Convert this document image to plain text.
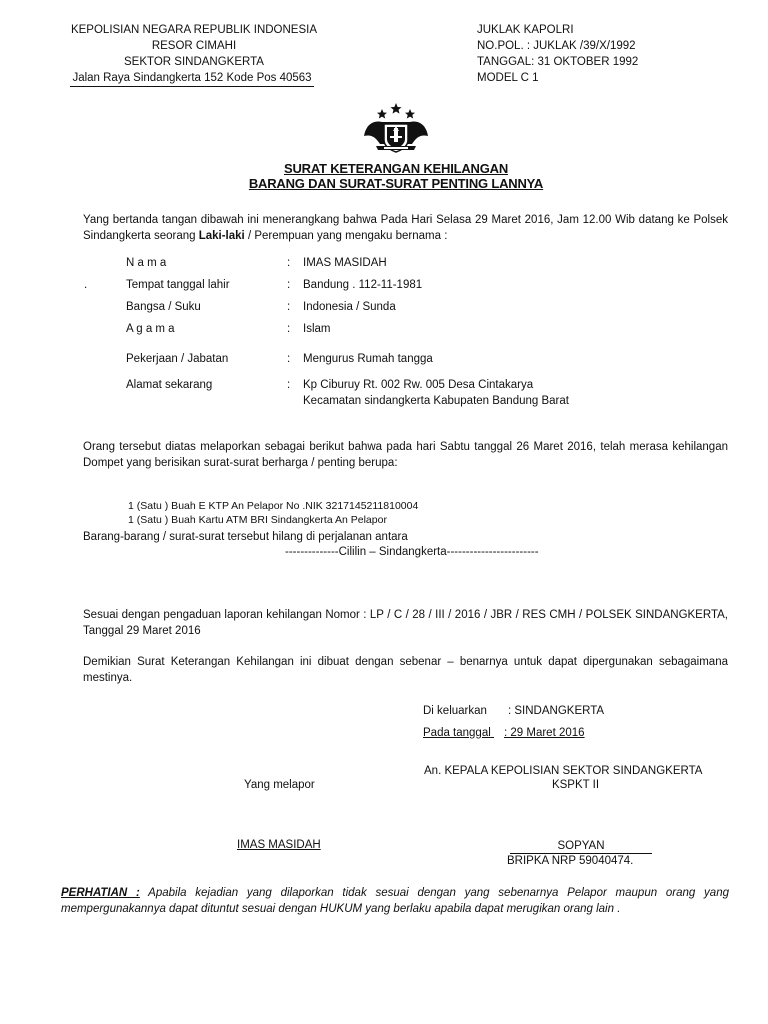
KEPOLISIAN NEGARA REPUBLIK INDONESIA
RESOR CIMAHI
SEKTOR SINDANGKERTA
Jalan Raya Sindangkerta 152 Kode Pos 40563
JUKLAK KAPOLRI
NO.POL. : JUKLAK /39/X/1992
TANGGAL: 31 OKTOBER 1992
MODEL C 1
SURAT KETERANGAN KEHILANGAN
BARANG DAN SURAT-SURAT PENTING LANNYA
Yang bertanda tangan dibawah ini menerangkang bahwa Pada Hari Selasa 29 Maret 2016, Jam 12.00 Wib datang ke Polsek Sindangkerta seorang Laki-laki / Perempuan yang mengaku bernama :
.
N a m a	: IMAS MASIDAH
Tempat tanggal lahir	: Bandung . 112-11-1981
Bangsa / Suku	: Indonesia / Sunda
A g a m a	: Islam
Pekerjaan / Jabatan	: Mengurus Rumah tangga
Alamat sekarang	: Kp Ciburuy Rt. 002 Rw. 005 Desa Cintakarya
Kecamatan sindangkerta Kabupaten Bandung Barat
Orang tersebut diatas melaporkan sebagai berikut bahwa pada hari Sabtu tanggal 26 Maret 2016, telah merasa kehilangan Dompet yang berisikan surat-surat berharga / penting berupa:
1 (Satu ) Buah E KTP An Pelapor No .NIK 3217145211810004
1 (Satu ) Buah Kartu ATM BRI Sindangkerta An Pelapor
Barang-barang / surat-surat tersebut hilang di perjalanan antara
--------------Cililin – Sindangkerta------------------------
Sesuai dengan pengaduan laporan kehilangan Nomor : LP / C / 28 / III / 2016 / JBR / RES CMH / POLSEK SINDANGKERTA, Tanggal 29 Maret 2016
Demikian Surat Keterangan Kehilangan ini dibuat dengan sebenar – benarnya untuk dapat dipergunakan sebagaimana mestinya.
Di keluarkan : SINDANGKERTA
Pada tanggal : 29 Maret 2016
An. KEPALA KEPOLISIAN SEKTOR SINDANGKERTA
KSPKT II
Yang melapor
IMAS MASIDAH	SOPYAN
BRIPKA NRP 59040474.
PERHATIAN : Apabila kejadian yang dilaporkan tidak sesuai dengan yang sebenarnya Pelapor maupun orang yang mempergunakannya dapat dituntut sesuai dengan HUKUM yang berlaku apabila dapat merugikan orang lain .
